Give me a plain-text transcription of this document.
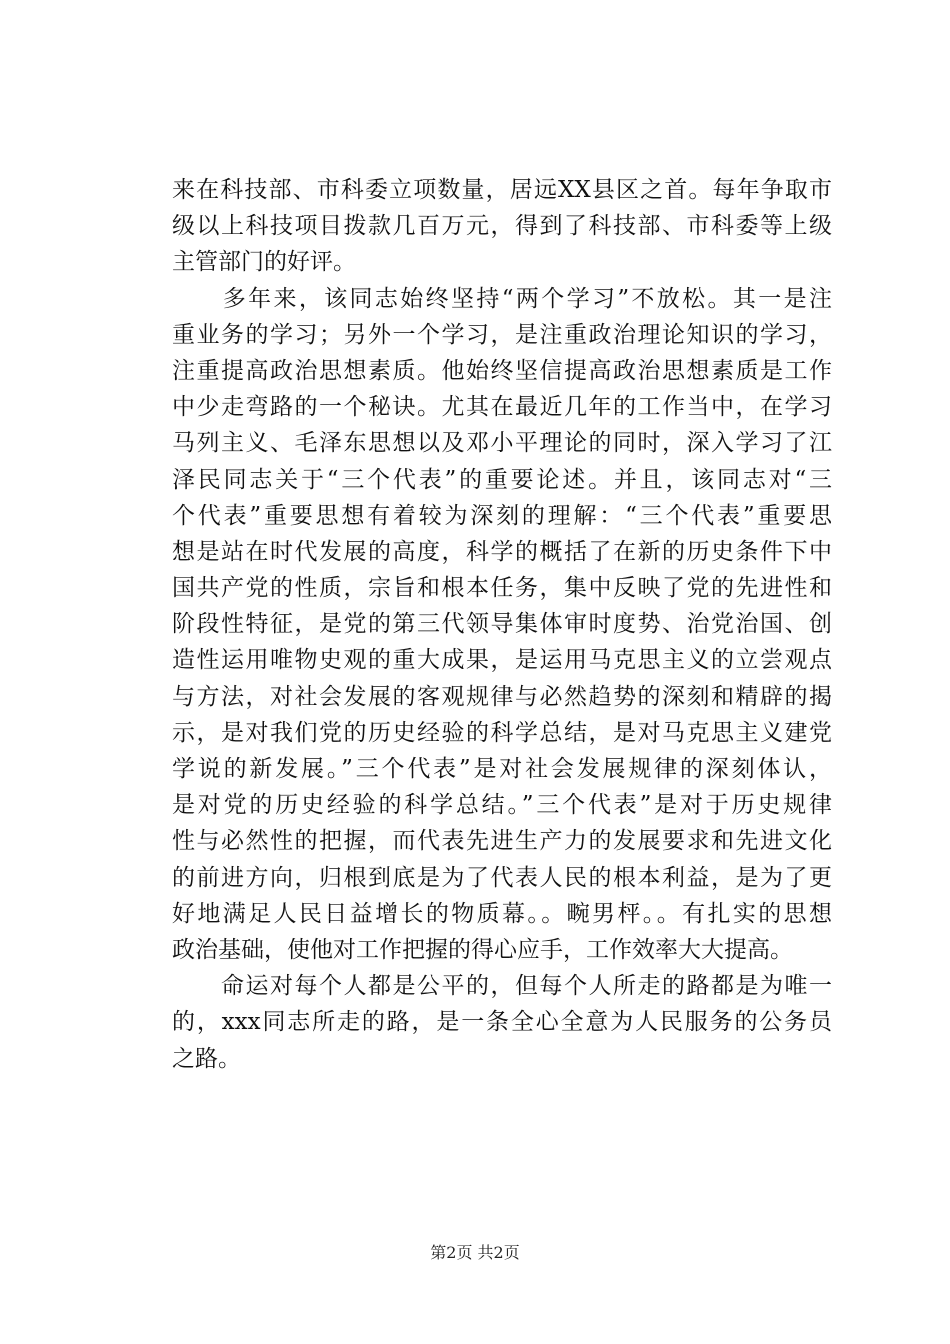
来在科技部、市科委立项数量，居远XX县区之首。每年争取市
级以上科技项目拨款几百万元，得到了科技部、市科委等上级
主管部门的好评。
　　多年来，该同志始终坚持“两个学习”不放松。其一是注
重业务的学习；另外一个学习，是注重政治理论知识的学习，
注重提高政治思想素质。他始终坚信提高政治思想素质是工作
中少走弯路的一个秘诀。尤其在最近几年的工作当中，在学习
马列主义、毛泽东思想以及邓小平理论的同时，深入学习了江
泽民同志关于“三个代表”的重要论述。并且，该同志对“三
个代表”重要思想有着较为深刻的理解：“三个代表”重要思
想是站在时代发展的高度，科学的概括了在新的历史条件下中
国共产党的性质，宗旨和根本任务，集中反映了党的先进性和
阶段性特征，是党的第三代领导集体审时度势、治党治国、创
造性运用唯物史观的重大成果，是运用马克思主义的立尝观点
与方法，对社会发展的客观规律与必然趋势的深刻和精辟的揭
示，是对我们党的历史经验的科学总结，是对马克思主义建党
学说的新发展。”三个代表”是对社会发展规律的深刻体认，
是对党的历史经验的科学总结。”三个代表”是对于历史规律
性与必然性的把握，而代表先进生产力的发展要求和先进文化
的前进方向，归根到底是为了代表人民的根本利益，是为了更
好地满足人民日益增长的物质幕。。畹男枰。。有扎实的思想
政治基础，使他对工作把握的得心应手，工作效率大大提高。
　　命运对每个人都是公平的，但每个人所走的路都是为唯一
的，xxx同志所走的路，是一条全心全意为人民服务的公务员
之路。
第2页 共2页
